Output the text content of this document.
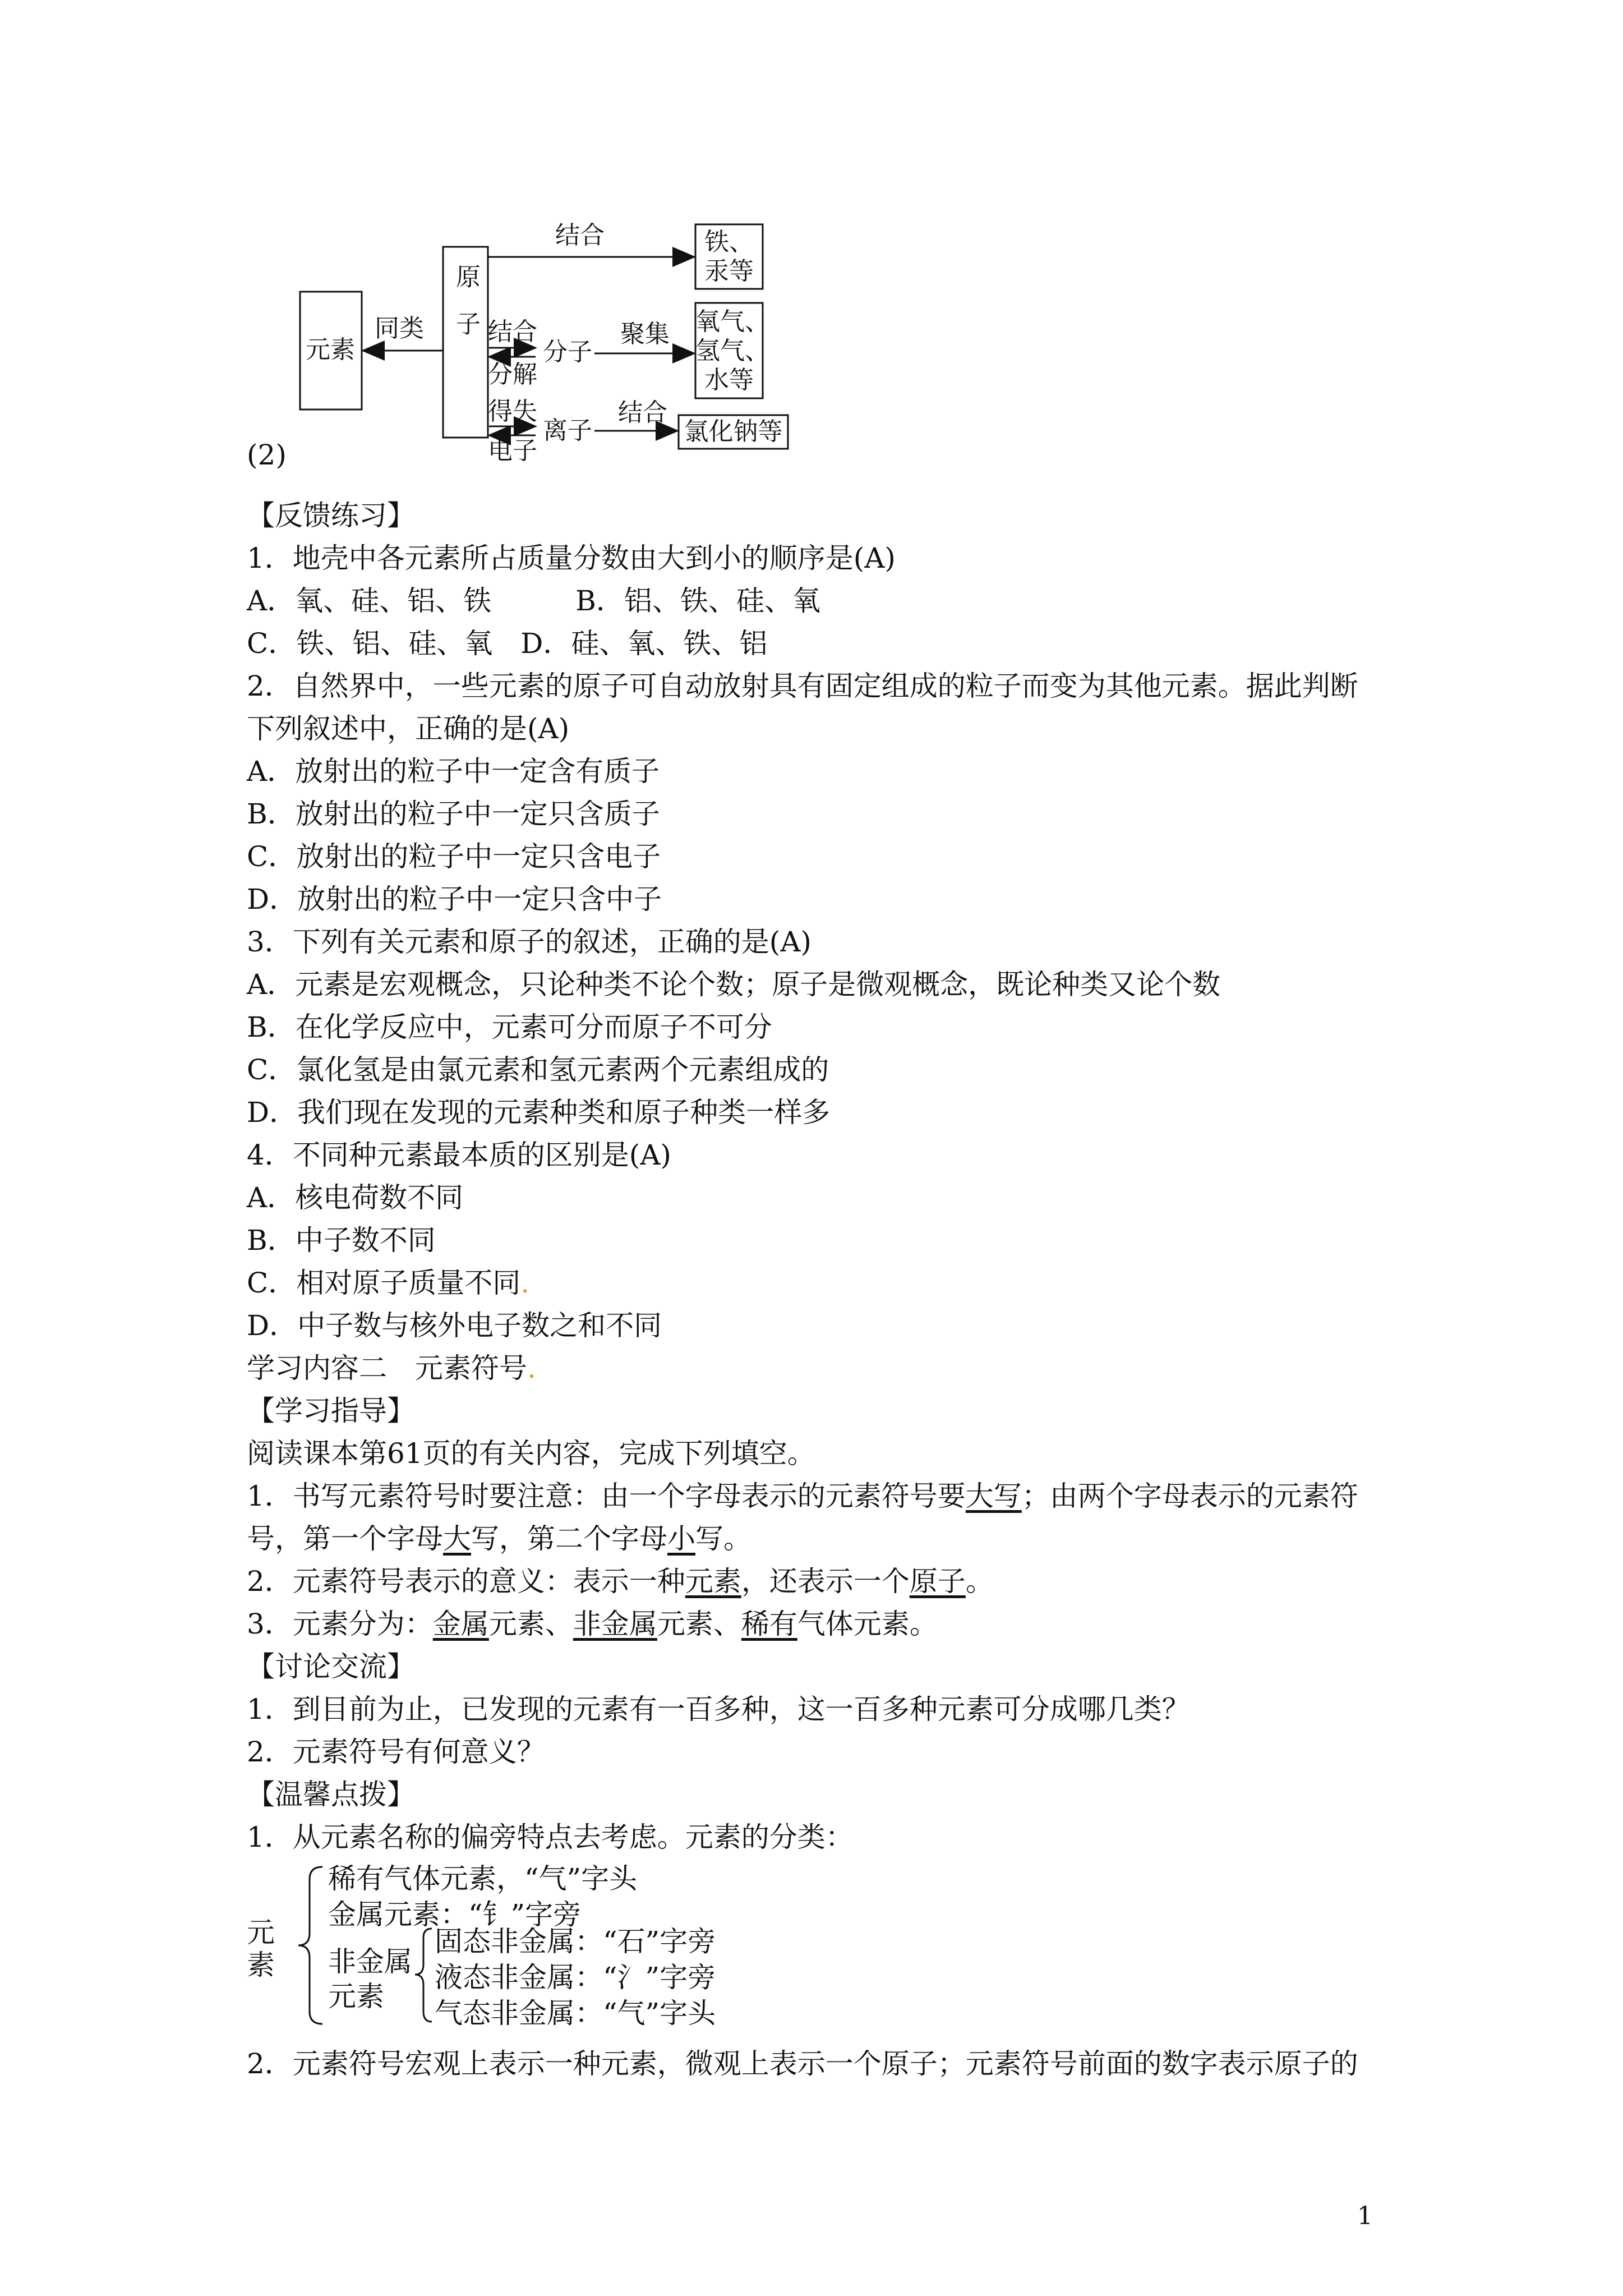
元素
同类 原子
结合	铁、
汞等
结合
分解
分子
聚集 氧气、
氢气、
水等
得失
电子
离子
结合
氯化钠等
(2)
【反馈练习】
1．地壳中各元素所占质量分数由大到小的顺序是(A)
A．氧、硅、铝、铁　　　B．铝、铁、硅、氧
C．铁、铝、硅、氧　D．硅、氧、铁、铝
2．自然界中，一些元素的原子可自动放射具有固定组成的粒子而变为其他元素。据此判断
下列叙述中，正确的是(A)
A．放射出的粒子中一定含有质子
B．放射出的粒子中一定只含质子
C．放射出的粒子中一定只含电子
D．放射出的粒子中一定只含中子
3．下列有关元素和原子的叙述，正确的是(A)
A．元素是宏观概念，只论种类不论个数；原子是微观概念，既论种类又论个数
B．在化学反应中，元素可分而原子不可分
C．氯化氢是由氯元素和氢元素两个元素组成的
D．我们现在发现的元素种类和原子种类一样多
4．不同种元素最本质的区别是(A)
A．核电荷数不同
B．中子数不同
C．相对原子质量不同.
D．中子数与核外电子数之和不同
学习内容二　元素符号.
【学习指导】
阅读课本第61页的有关内容，完成下列填空。
1．书写元素符号时要注意：由一个字母表示的元素符号要大写；由两个字母表示的元素符
号，第一个字母大写，第二个字母小写。
2．元素符号表示的意义：表示一种元素，还表示一个原子。
3．元素分为：金属元素、非金属元素、稀有气体元素。
【讨论交流】
1．到目前为止，已发现的元素有一百多种，这一百多种元素可分成哪几类？
2．元素符号有何意义？
【温馨点拨】
1．从元素名称的偏旁特点去考虑。元素的分类：
元
素
稀有气体元素，“气”字头
金属元素：“钅”字旁
非金属
元素
固态非金属：“石”字旁
液态非金属：“氵”字旁
气态非金属：“气”字头
2．元素符号宏观上表示一种元素，微观上表示一个原子；元素符号前面的数字表示原子的
1
